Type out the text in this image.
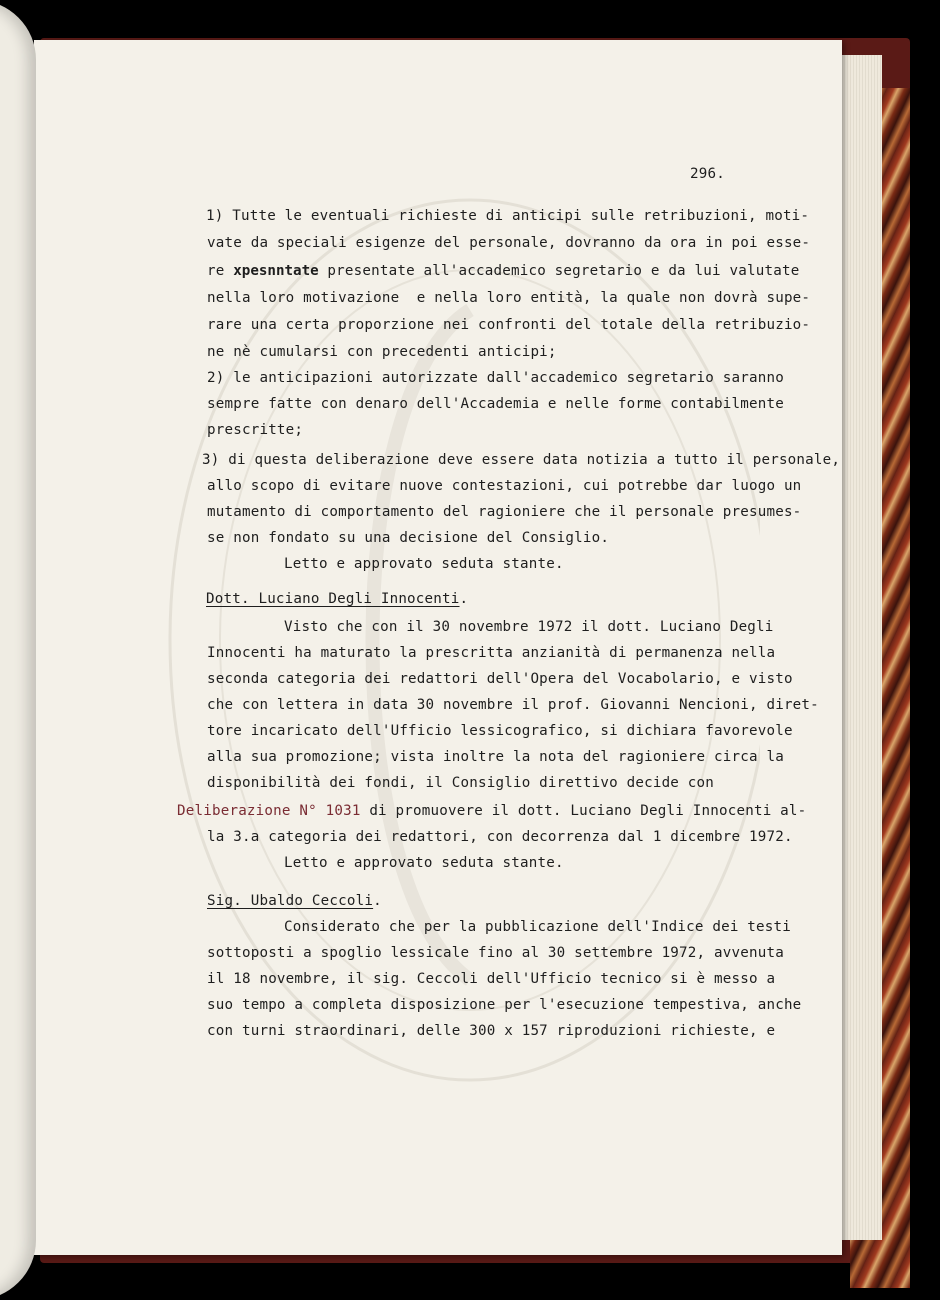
296.
1) Tutte le eventuali richieste di anticipi sulle retribuzioni, moti-
vate da speciali esigenze del personale, dovranno da ora in poi esse-
re xpesnntate presentate all'accademico segretario e da lui valutate
nella loro motivazione  e nella loro entità, la quale non dovrà supe-
rare una certa proporzione nei confronti del totale della retribuzio-
ne nè cumularsi con precedenti anticipi;
2) le anticipazioni autorizzate dall'accademico segretario saranno
sempre fatte con denaro dell'Accademia e nelle forme contabilmente
prescritte;
3) di questa deliberazione deve essere data notizia a tutto il personale,
allo scopo di evitare nuove contestazioni, cui potrebbe dar luogo un
mutamento di comportamento del ragioniere che il personale presumes-
se non fondato su una decisione del Consiglio.
Letto e approvato seduta stante.
Dott. Luciano Degli Innocenti.
Visto che con il 30 novembre 1972 il dott. Luciano Degli
Innocenti ha maturato la prescritta anzianità di permanenza nella
seconda categoria dei redattori dell'Opera del Vocabolario, e visto
che con lettera in data 30 novembre il prof. Giovanni Nencioni, diret-
tore incaricato dell'Ufficio lessicografico, si dichiara favorevole
alla sua promozione; vista inoltre la nota del ragioniere circa la
disponibilità dei fondi, il Consiglio direttivo decide con
Deliberazione N° 1031 di promuovere il dott. Luciano Degli Innocenti al-
la 3.a categoria dei redattori, con decorrenza dal 1 dicembre 1972.
Letto e approvato seduta stante.
Sig. Ubaldo Ceccoli.
Considerato che per la pubblicazione dell'Indice dei testi
sottoposti a spoglio lessicale fino al 30 settembre 1972, avvenuta
il 18 novembre, il sig. Ceccoli dell'Ufficio tecnico si è messo a
suo tempo a completa disposizione per l'esecuzione tempestiva, anche
con turni straordinari, delle 300 x 157 riproduzioni richieste, e
